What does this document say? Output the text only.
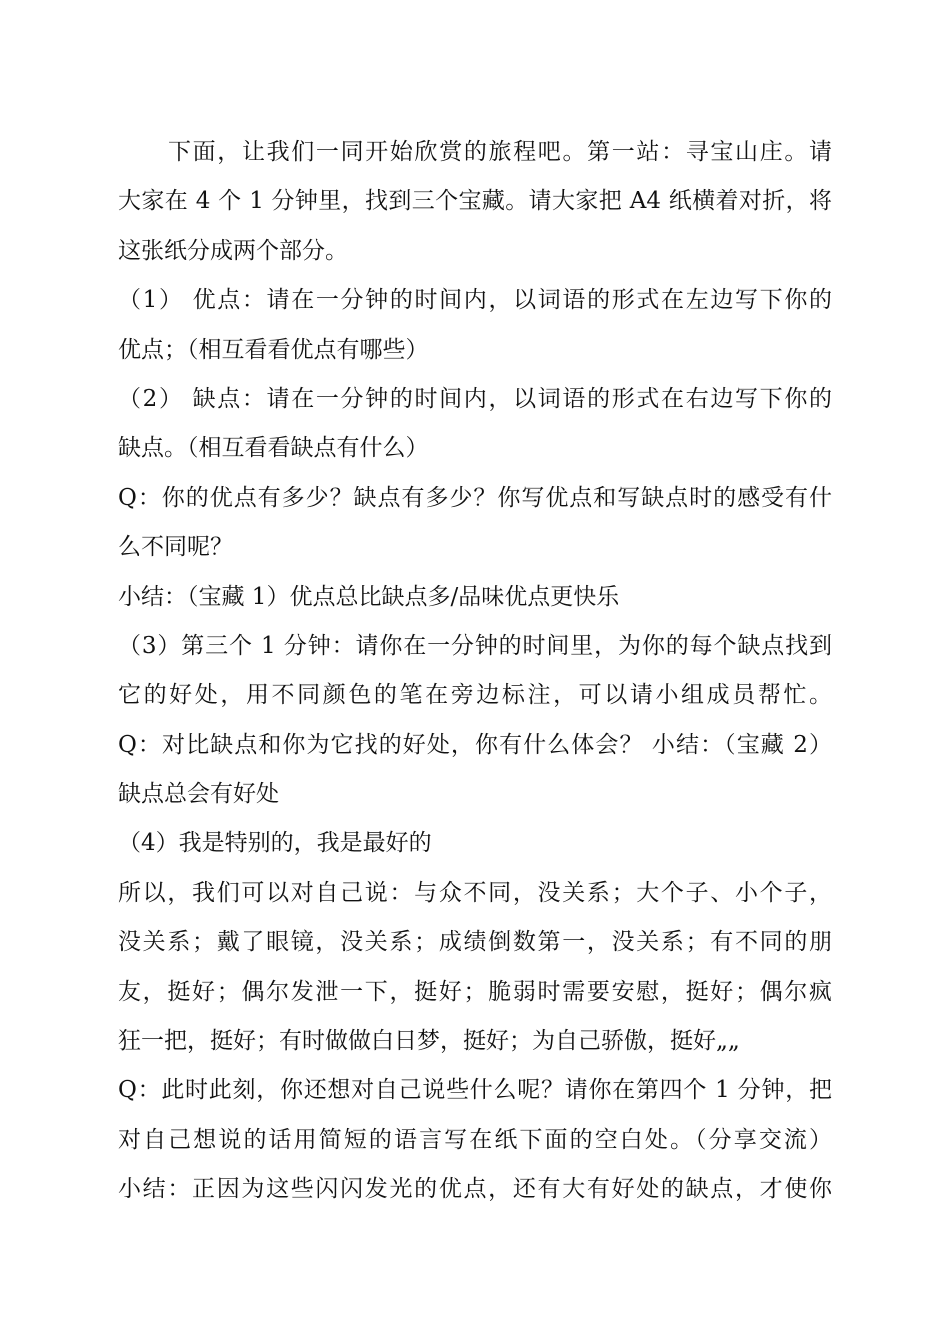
下面，让我们一同开始欣赏的旅程吧。第一站：寻宝山庄。请
大家在 4 个 1 分钟里，找到三个宝藏。请大家把 A4 纸横着对折，将
这张纸分成两个部分。
（1） 优点：请在一分钟的时间内，以词语的形式在左边写下你的
优点；（相互看看优点有哪些）
（2） 缺点：请在一分钟的时间内，以词语的形式在右边写下你的
缺点。（相互看看缺点有什么）
Q：你的优点有多少？缺点有多少？你写优点和写缺点时的感受有什
么不同呢？
小结：（宝藏 1）优点总比缺点多/品味优点更快乐
（3）第三个 1 分钟：请你在一分钟的时间里，为你的每个缺点找到
它的好处，用不同颜色的笔在旁边标注，可以请小组成员帮忙。
Q：对比缺点和你为它找的好处，你有什么体会？ 小结：（宝藏 2）
缺点总会有好处
（4）我是特别的，我是最好的
所以，我们可以对自己说：与众不同，没关系；大个子、小个子，
没关系；戴了眼镜，没关系；成绩倒数第一，没关系；有不同的朋
友，挺好；偶尔发泄一下，挺好；脆弱时需要安慰，挺好；偶尔疯
狂一把，挺好；有时做做白日梦，挺好；为自己骄傲，挺好„„
Q：此时此刻，你还想对自己说些什么呢？请你在第四个 1 分钟，把
对自己想说的话用简短的语言写在纸下面的空白处。（分享交流）
小结：正因为这些闪闪发光的优点，还有大有好处的缺点，才使你
